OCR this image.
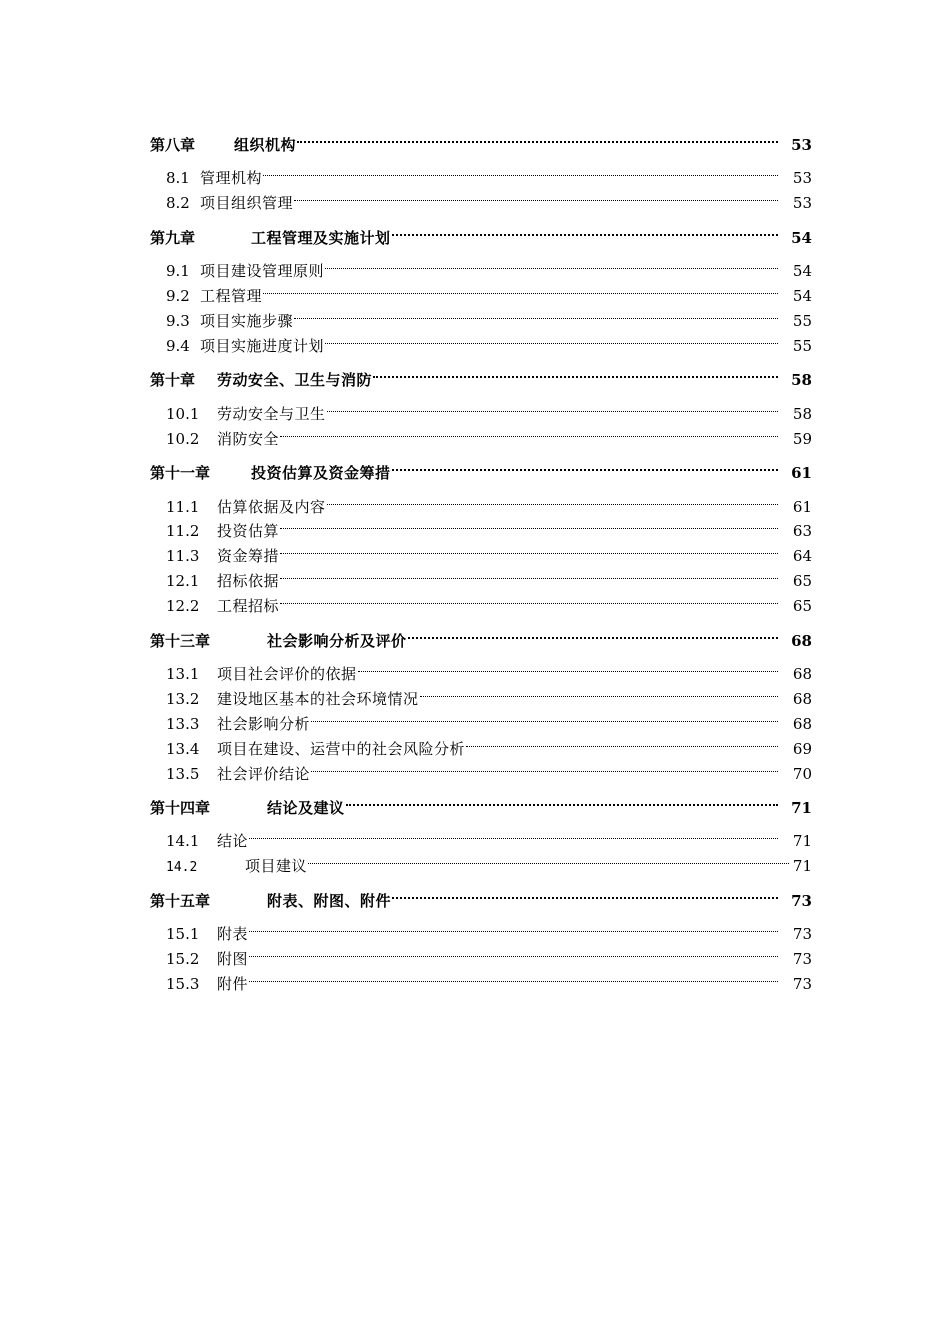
第八章	组织机构	53
8.1 管理机构	53
8.2 项目组织管理	53
第九章	工程管理及实施计划	54
9.1 项目建设管理原则	54
9.2 工程管理	54
9.3 项目实施步骤	55
9.4 项目实施进度计划	55
第十章	劳动安全、卫生与消防	58
10.1	劳动安全与卫生	58
10.2	消防安全	59
第十一章	投资估算及资金筹措	61
11.1	估算依据及内容	61
11.2	投资估算	63
11.3	资金筹措	64
12.1	招标依据	65
12.2	工程招标	65
第十三章	社会影响分析及评价	68
13.1	项目社会评价的依据	68
13.2	建设地区基本的社会环境情况	68
13.3	社会影响分析	68
13.4	项目在建设、运营中的社会风险分析	69
13.5	社会评价结论	70
第十四章	结论及建议	71
14.1	结论	71
14.2	项目建议	71
第十五章	附表、附图、附件	73
15.1	附表	73
15.2	附图	73
15.3	附件	73
